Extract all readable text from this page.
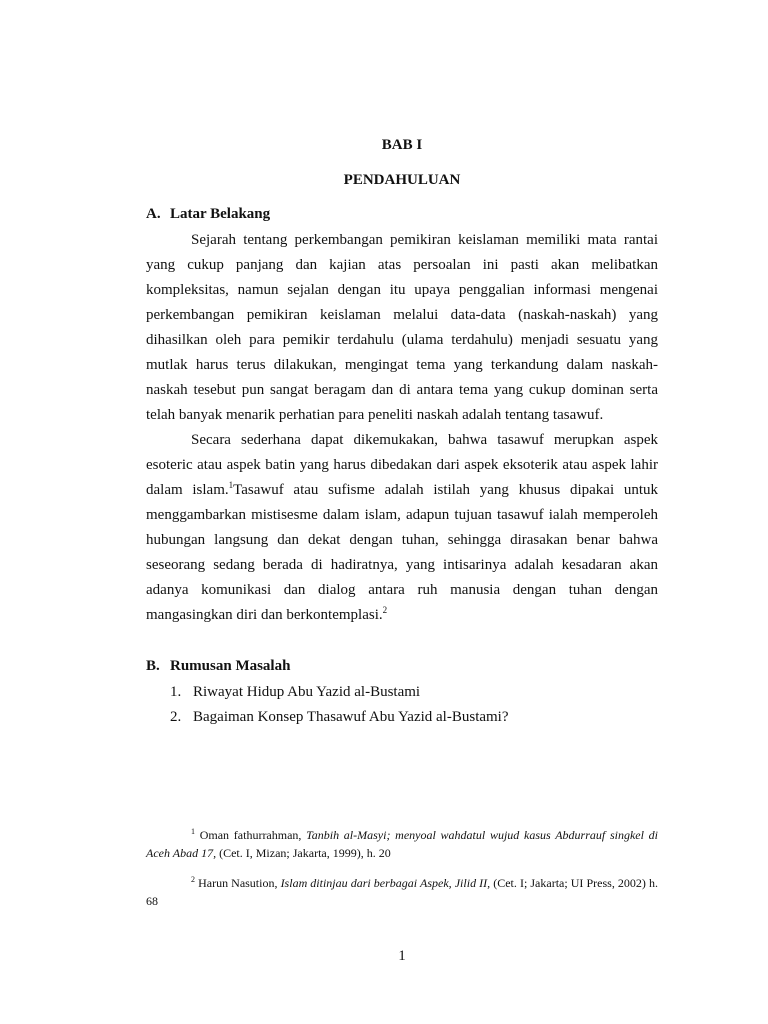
BAB I
PENDAHULUAN
A. Latar Belakang

Sejarah tentang perkembangan pemikiran keislaman memiliki mata rantai yang cukup panjang dan kajian atas persoalan ini pasti akan melibatkan kompleksitas, namun sejalan dengan itu upaya penggalian informasi mengenai perkembangan pemikiran keislaman melalui data-data (naskah-naskah) yang dihasilkan oleh para pemikir terdahulu (ulama terdahulu) menjadi sesuatu yang mutlak harus terus dilakukan, mengingat tema yang terkandung dalam naskah-naskah tesebut pun sangat beragam dan di antara tema yang cukup dominan serta telah banyak menarik perhatian para peneliti naskah adalah tentang tasawuf.

Secara sederhana dapat dikemukakan, bahwa tasawuf merupkan aspek esoteric atau aspek batin yang harus dibedakan dari aspek eksoterik atau aspek lahir dalam islam.$^1$Tasawuf atau sufisme adalah istilah yang khusus dipakai untuk menggambarkan mistisesme dalam islam, adapun tujuan tasawuf ialah memperoleh hubungan langsung dan dekat dengan tuhan, sehingga dirasakan benar bahwa seseorang sedang berada di hadiratnya, yang intisarinya adalah kesadaran akan adanya komunikasi dan dialog antara ruh manusia dengan tuhan dengan mangasingkan diri dan berkontemplasi.$^2$

B. Rumusan Masalah
1. Riwayat Hidup Abu Yazid al-Bustami
2. Bagaiman Konsep Thasawuf Abu Yazid al-Bustami?

$^1$ Oman fathurrahman, Tanbih al-Masyi; menyoal wahdatul wujud kasus Abdurrauf singkel di Aceh Abad 17, (Cet. I, Mizan; Jakarta, 1999), h. 20

$^2$ Harun Nasution, Islam ditinjau dari berbagai Aspek, Jilid II, (Cet. I; Jakarta; UI Press, 2002) h. 68

1
